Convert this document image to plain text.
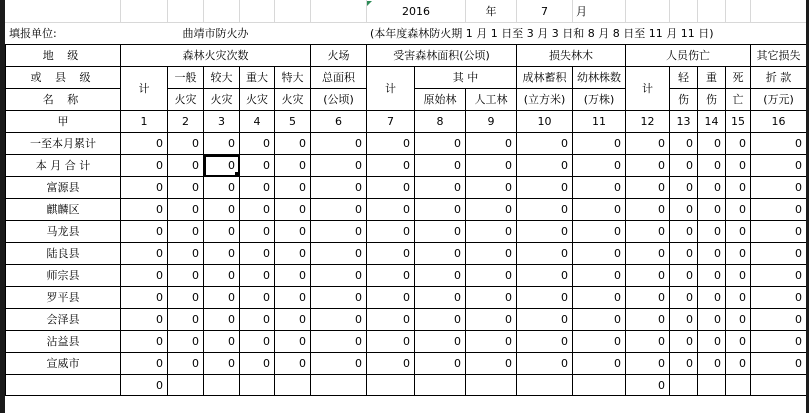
							2016		年	7	月						
填报单位:	曲靖市防火办						(本年度森林防火期 1 月 1 日至 3 月 3 日和 8 月 8 日至 11 月 11 日)										
地 级	森林火灾次数					火场	受害森林面积(公顷)			损失林木		人员伤亡				其它损失	
或 县 级	计	一般	较大	重大	特大	总面积	计	其 中		成林蓄积	幼林株数	计	轻	重	死	折 款	
名 称		火灾	火灾	火灾	火灾	(公顷)		原始林	人工林	(立方米)	(万株)		伤	伤	亡	(万元)	
甲	1	2	3	4	5	6	7	8	9	10	11	12	13	14	15	16	
一至本月累计	0	0	0	0	0	0	0	0	0	0	0	0	0	0	0	0	
本 月 合 计	0	0	0	0	0	0	0	0	0	0	0	0	0	0	0	0	
富源县	0	0	0	0	0	0	0	0	0	0	0	0	0	0	0	0	
麒麟区	0	0	0	0	0	0	0	0	0	0	0	0	0	0	0	0	
马龙县	0	0	0	0	0	0	0	0	0	0	0	0	0	0	0	0	
陆良县	0	0	0	0	0	0	0	0	0	0	0	0	0	0	0	0	
师宗县	0	0	0	0	0	0	0	0	0	0	0	0	0	0	0	0	
罗平县	0	0	0	0	0	0	0	0	0	0	0	0	0	0	0	0	
会泽县	0	0	0	0	0	0	0	0	0	0	0	0	0	0	0	0	
沾益县	0	0	0	0	0	0	0	0	0	0	0	0	0	0	0	0	
宣威市	0	0	0	0	0	0	0	0	0	0	0	0	0	0	0	0	
	0											0					
